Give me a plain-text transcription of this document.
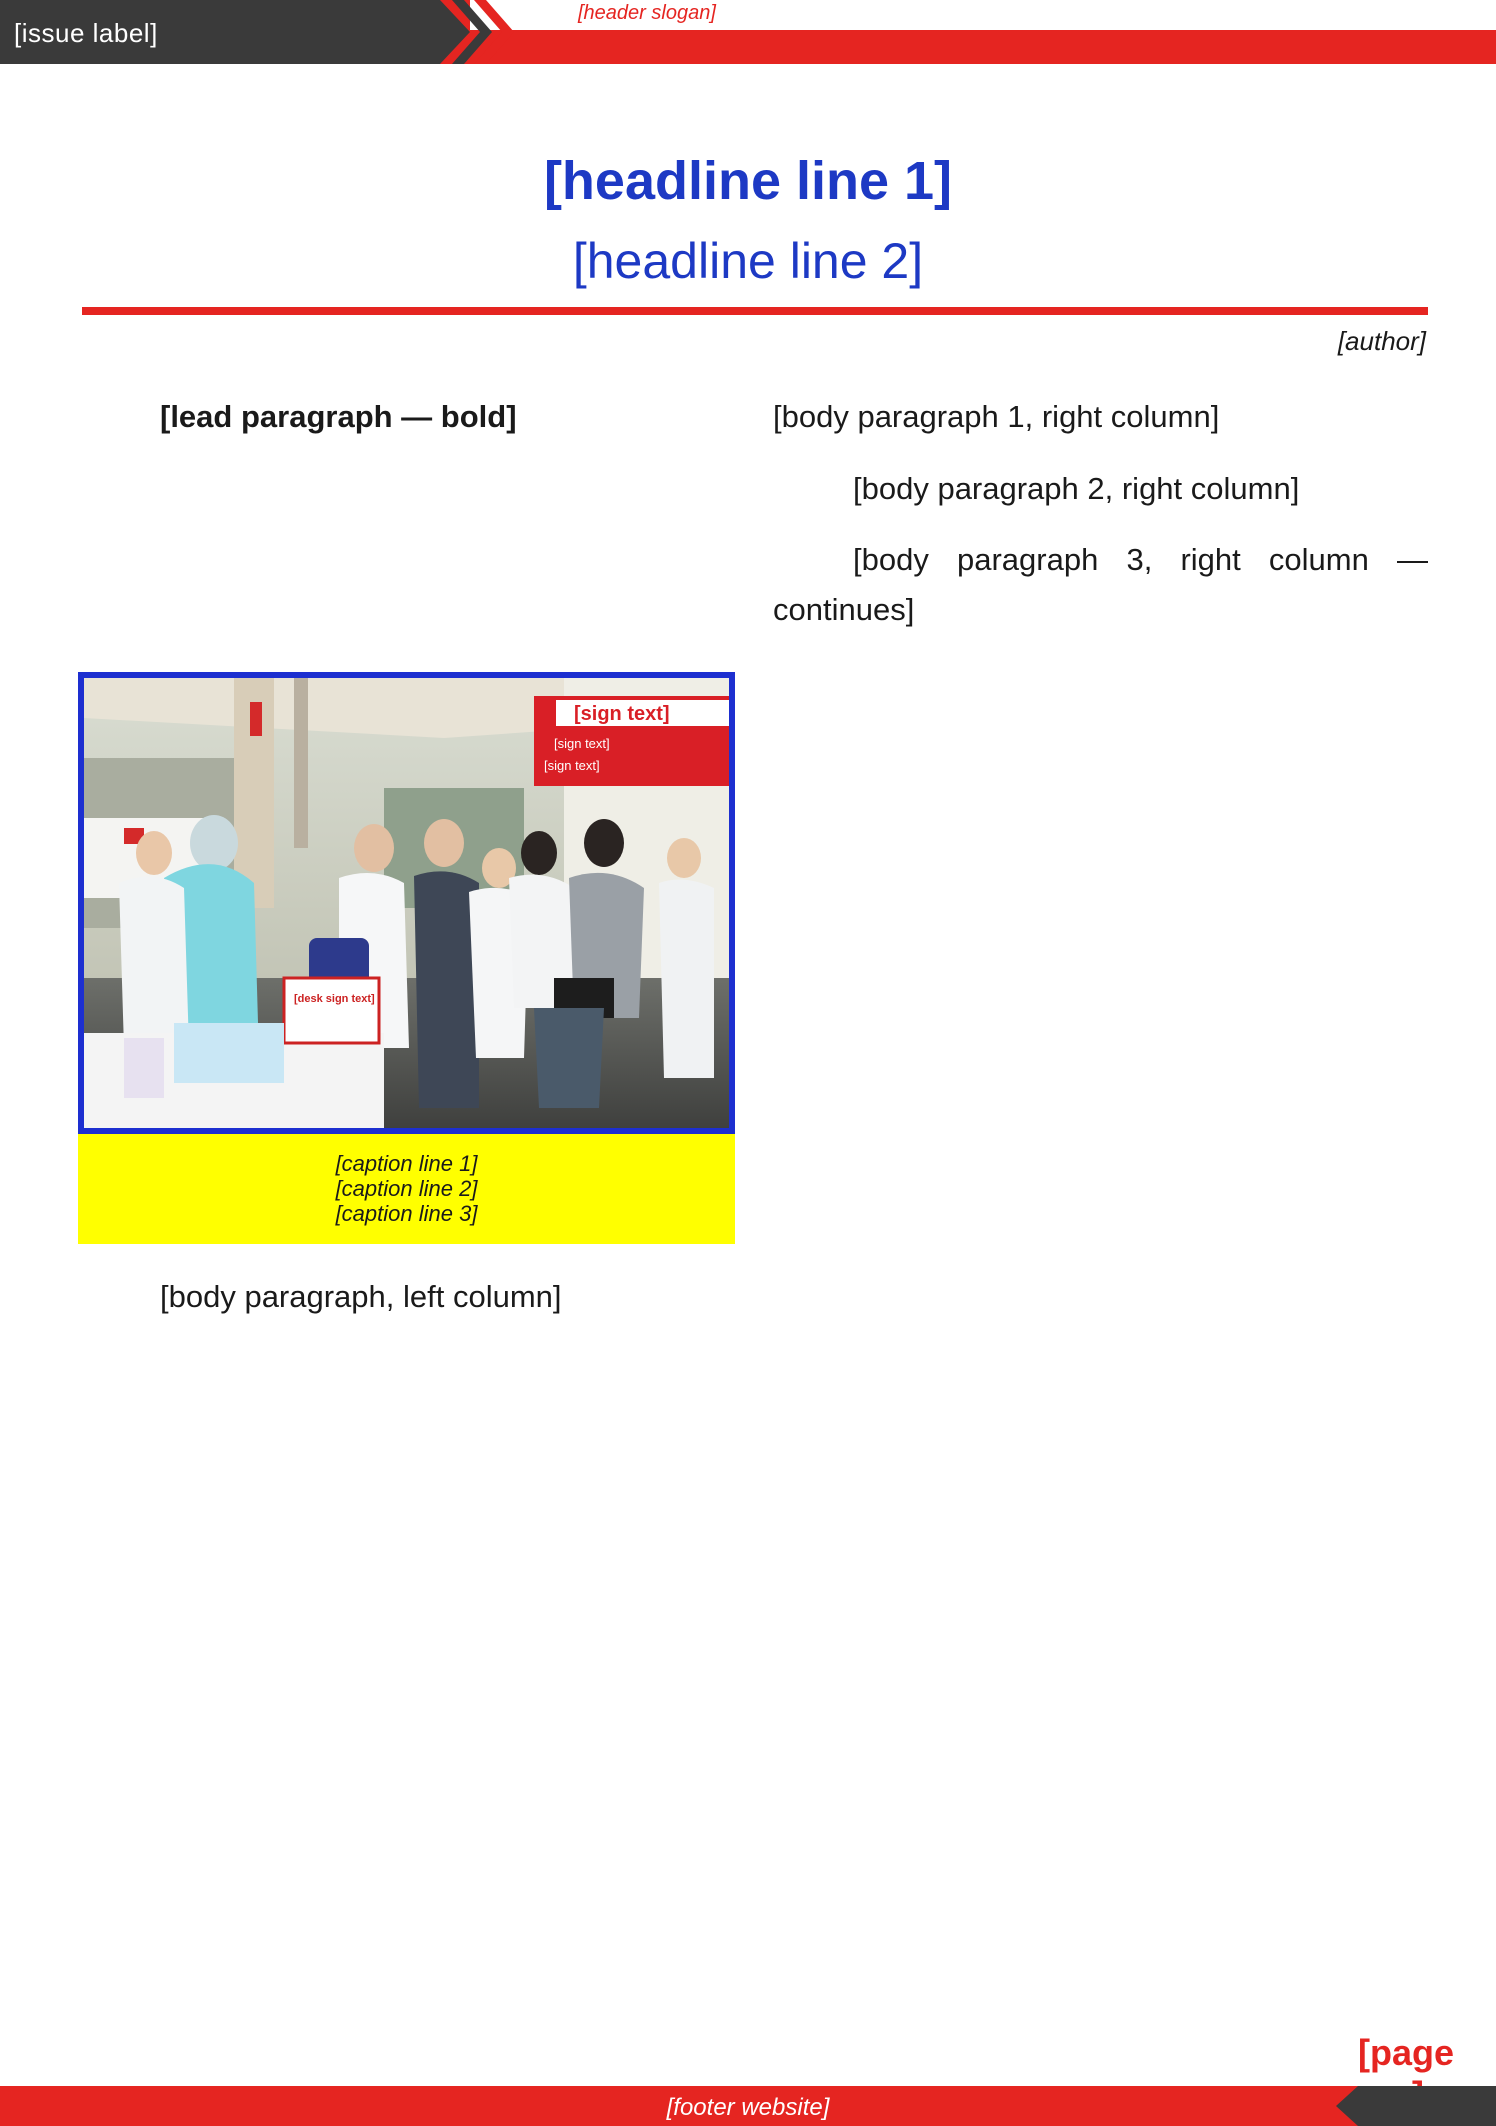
[issue label]
[header slogan]
[headline line 1]
[headline line 2]
[author]

[lead paragraph — bold]

[sign text]
[sign text]
[sign text]
[desk sign text]
[caption line 1]
[caption line 2]
[caption line 3]

[body paragraph, left column]

[body paragraph 1, right column]

[body paragraph 2, right column]

[body paragraph 3, right column — continues]

[page
[footer website]
